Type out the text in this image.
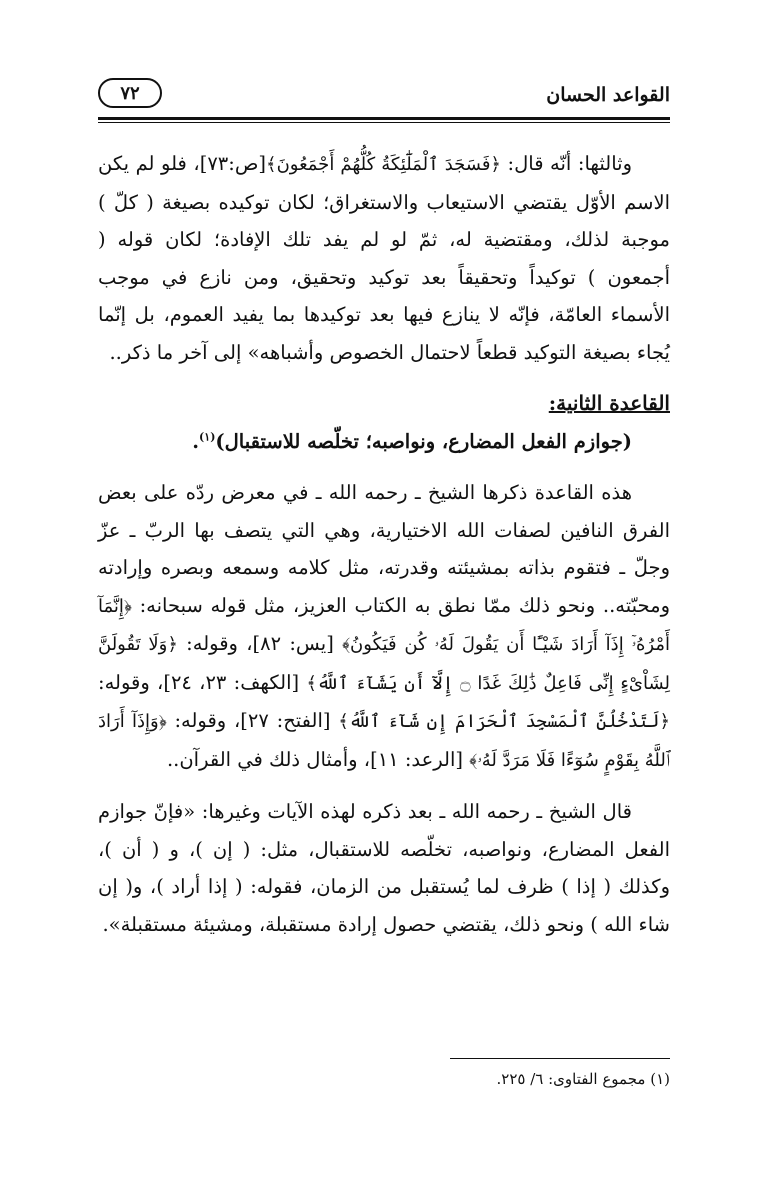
القواعد الحسان
٧٢

وثالثها: أنّه قال: ﴿فَسَجَدَ ٱلْمَلَٰٓئِكَةُ كُلُّهُمْ أَجْمَعُونَ﴾[ص:٧٣]، فلو لم يكن الاسم الأوّل يقتضي الاستيعاب والاستغراق؛ لكان توكيده بصيغة ( كلّ ) موجبة لذلك، ومقتضية له، ثمّ لو لم يفد تلك الإفادة؛ لكان قوله ( أجمعون ) توكيداً وتحقيقاً بعد توكيد وتحقيق، ومن نازع في موجب الأسماء العامّة، فإنّه لا ينازع فيها بعد توكيدها بما يفيد العموم، بل إنّما يُجاء بصيغة التوكيد قطعاً لاحتمال الخصوص وأشباهه» إلى آخر ما ذكر..

القاعدة الثانية:

(جوازم الفعل المضارع، ونواصبه؛ تخلّصه للاستقبال)$^{(١)}$.

هذه القاعدة ذكرها الشيخ ـ رحمه الله ـ في معرض ردّه على بعض الفرق النافين لصفات الله الاختيارية، وهي التي يتصف بها الربّ ـ عزّ وجلّ ـ فتقوم بذاته بمشيئته وقدرته، مثل كلامه وسمعه وبصره وإرادته ومحبّته.. ونحو ذلك ممّا نطق به الكتاب العزيز، مثل قوله سبحانه: ﴿إِنَّمَآ أَمْرُهُۥٓ إِذَآ أَرَادَ شَيْـًٔا أَن يَقُولَ لَهُۥ كُن فَيَكُونُ﴾ [يس: ٨٢]، وقوله: ﴿وَلَا تَقُولَنَّ لِشَاْىْءٍ إِنِّى فَاعِلٌ ذَٰلِكَ غَدًا ۝ إِلَّآ أَن يَشَآءَ ٱللَّهُ﴾ [الكهف: ٢٣، ٢٤]، وقوله: ﴿لَتَدْخُلُنَّ ٱلْمَسْجِدَ ٱلْحَرَامَ إِن شَآءَ ٱللَّهُ﴾ [الفتح: ٢٧]، وقوله: ﴿وَإِذَآ أَرَادَ ٱللَّهُ بِقَوْمٍ سُوٓءًا فَلَا مَرَدَّ لَهُۥ﴾ [الرعد: ١١]، وأمثال ذلك في القرآن..

قال الشيخ ـ رحمه الله ـ بعد ذكره لهذه الآيات وغيرها: «فإنّ جوازم الفعل المضارع، ونواصبه، تخلّصه للاستقبال، مثل: ( إن )، و ( أن )، وكذلك ( إذا ) ظرف لما يُستقبل من الزمان، فقوله: ( إذا أراد )، و( إن شاء الله ) ونحو ذلك، يقتضي حصول إرادة مستقبلة، ومشيئة مستقبلة».

(١) مجموع الفتاوى: ٦/ ٢٢٥.
